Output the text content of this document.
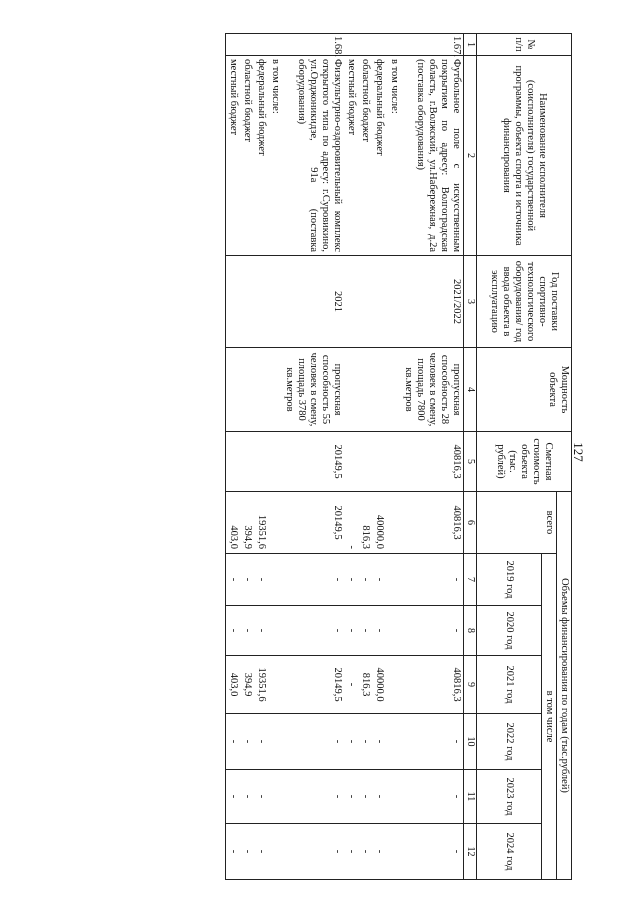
127
№ п/п	Наименование исполнителя (соисполнителя) государственной программы, объекта спорта и источника финансирования	Год поставки спортивно-технологического оборудования/ год ввода объекта в эксплуатацию	Мощность объекта	Сметная стоимость объекта (тыс. рублей)	Объемы финансирования по годам (тыс.рублей)						
					всего	в том числе					
						2019 год	2020 год	2021 год	2022 год	2023 год	2024 год
1	2	3	4	5	6	7	8	9	10	11	12
1.67.	Футбольное поле с искусственным покрытием по адресу: Волгоградская область, г.Волжский, ул.Набережная, д.2а (поставка оборудования)	2021/2022	пропускная способность 28 человек в смену, площадь 7800 кв.метров	40816,3	40816,3	-	-	40816,3	-	-	-
	в том числе:										
	федеральный бюджет				40000,0	-	-	40000,0	-	-	-
	областной бюджет				816,3	-	-	816,3	-	-	-
	местный бюджет				-	-	-	-	-	-	-
1.68.	Физкультурно-оздоровительный комплекс открытого типа по адресу: г.Суровикино, ул.Орджоникидзе, 91а (поставка оборудования)	2021	пропускная способность 55 человек в смену, площадь 3780 кв.метров	20149,5	20149,5	-	-	20149,5	-	-	-
	в том числе:										
	федеральный бюджет				19351,6	-	-	19351,6	-	-	-
	областной бюджет				394,9	-	-	394,9	-	-	-
	местный бюджет				403,0	-	-	403,0	-	-	-
